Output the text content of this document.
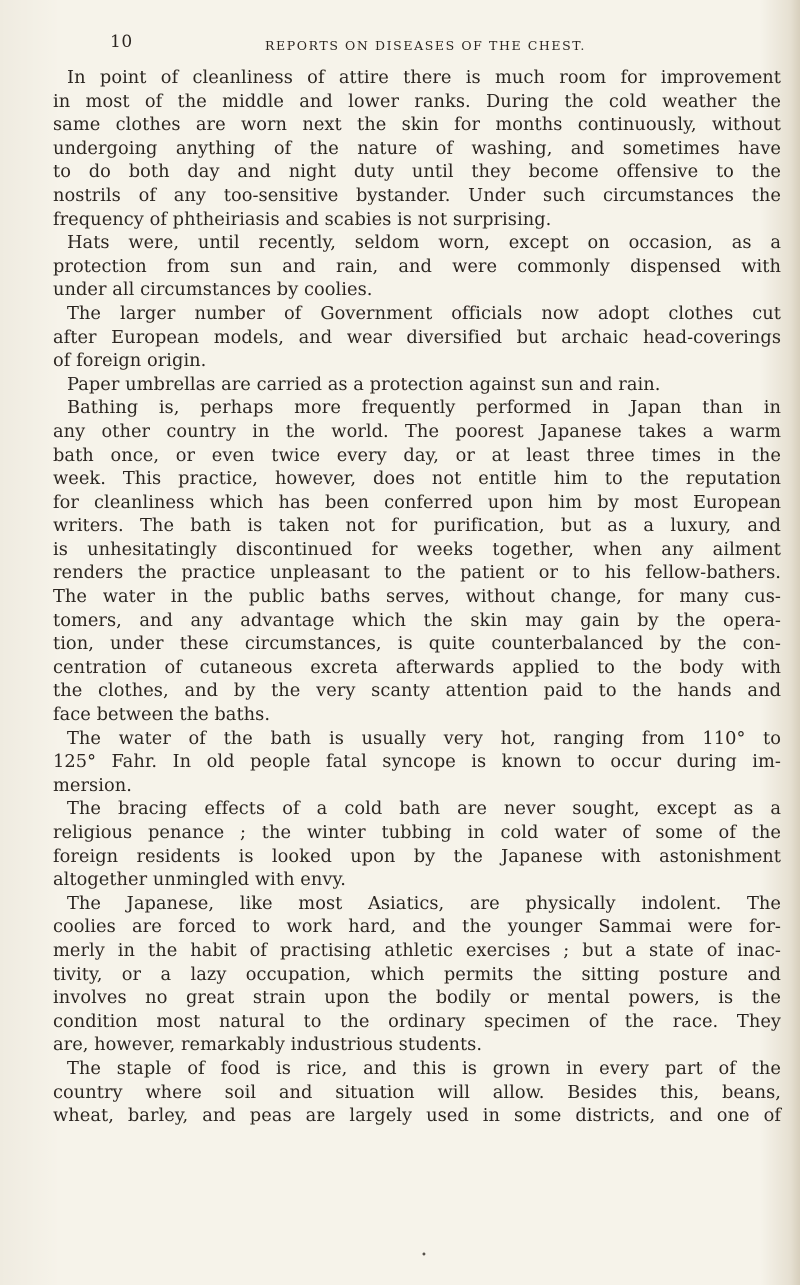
10	REPORTS ON DISEASES OF THE CHEST.
In point of cleanliness of attire there is much room for improvement
in most of the middle and lower ranks. During the cold weather the
same clothes are worn next the skin for months continuously, without
undergoing anything of the nature of washing, and sometimes have
to do both day and night duty until they become offensive to the
nostrils of any too-sensitive bystander. Under such circumstances the
frequency of phtheiriasis and scabies is not surprising.
Hats were, until recently, seldom worn, except on occasion, as a
protection from sun and rain, and were commonly dispensed with
under all circumstances by coolies.
The larger number of Government officials now adopt clothes cut
after European models, and wear diversified but archaic head-coverings
of foreign origin.
Paper umbrellas are carried as a protection against sun and rain.
Bathing is, perhaps more frequently performed in Japan than in
any other country in the world. The poorest Japanese takes a warm
bath once, or even twice every day, or at least three times in the
week. This practice, however, does not entitle him to the reputation
for cleanliness which has been conferred upon him by most European
writers. The bath is taken not for purification, but as a luxury, and
is unhesitatingly discontinued for weeks together, when any ailment
renders the practice unpleasant to the patient or to his fellow-bathers.
The water in the public baths serves, without change, for many cus-
tomers, and any advantage which the skin may gain by the opera-
tion, under these circumstances, is quite counterbalanced by the con-
centration of cutaneous excreta afterwards applied to the body with
the clothes, and by the very scanty attention paid to the hands and
face between the baths.
The water of the bath is usually very hot, ranging from 110° to
125° Fahr. In old people fatal syncope is known to occur during im-
mersion.
The bracing effects of a cold bath are never sought, except as a
religious penance ; the winter tubbing in cold water of some of the
foreign residents is looked upon by the Japanese with astonishment
altogether unmingled with envy.
The Japanese, like most Asiatics, are physically indolent. The
coolies are forced to work hard, and the younger Sammai were for-
merly in the habit of practising athletic exercises ; but a state of inac-
tivity, or a lazy occupation, which permits the sitting posture and
involves no great strain upon the bodily or mental powers, is the
condition most natural to the ordinary specimen of the race. They
are, however, remarkably industrious students.
The staple of food is rice, and this is grown in every part of the
country where soil and situation will allow. Besides this, beans,
wheat, barley, and peas are largely used in some districts, and one of
•
